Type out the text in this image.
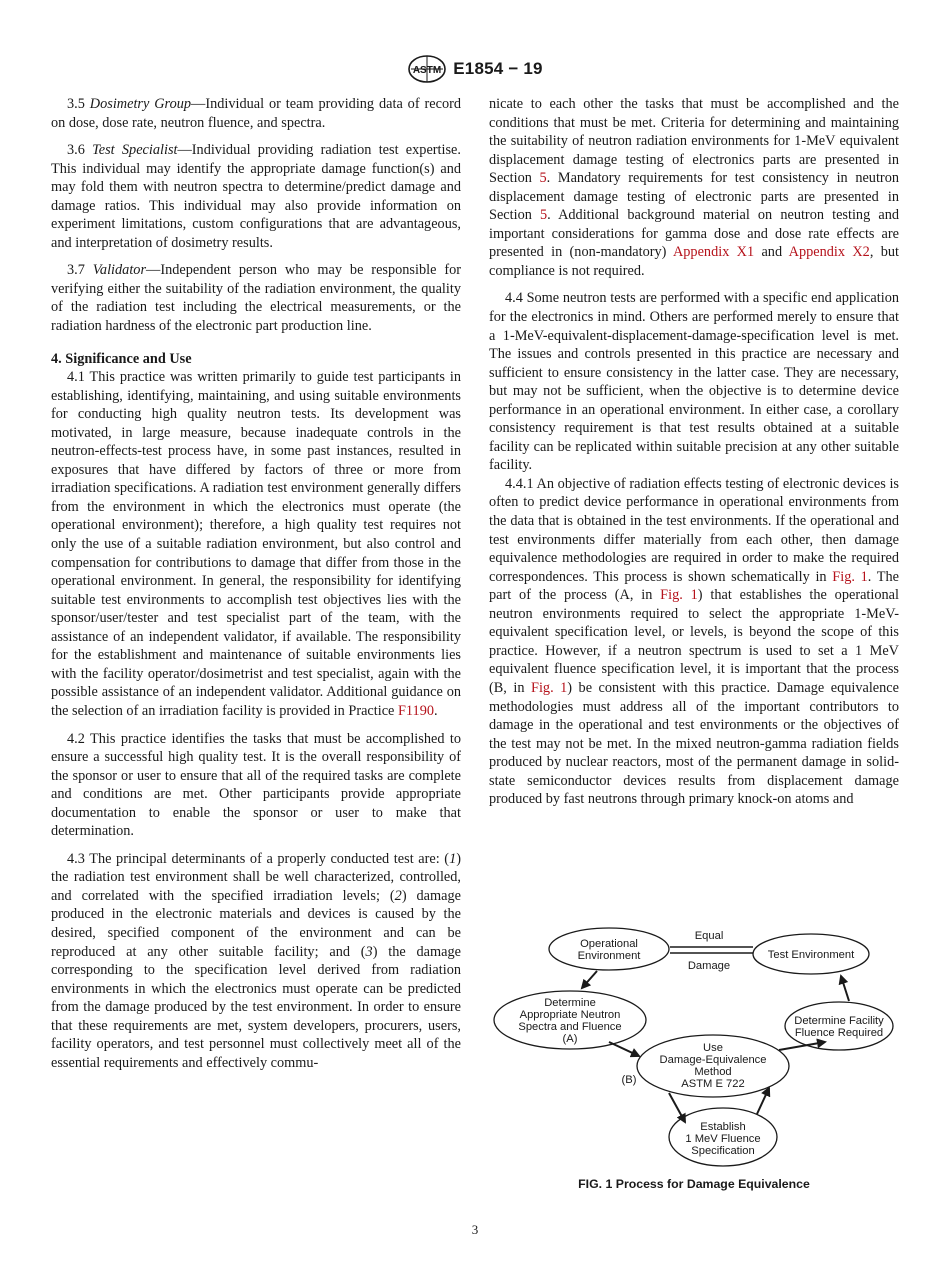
ASTM E1854 − 19

3.5 Dosimetry Group—Individual or team providing data of record on dose, dose rate, neutron fluence, and spectra.

3.6 Test Specialist—Individual providing radiation test expertise. This individual may identify the appropriate damage function(s) and may fold them with neutron spectra to determine/predict damage and damage ratios. This individual may also provide information on experiment limitations, custom configurations that are advantageous, and interpretation of dosimetry results.

3.7 Validator—Independent person who may be responsible for verifying either the suitability of the radiation environment, the quality of the radiation test including the electrical measurements, or the radiation hardness of the electronic part production line.

4. Significance and Use

4.1 This practice was written primarily to guide test participants in establishing, identifying, maintaining, and using suitable environments for conducting high quality neutron tests. Its development was motivated, in large measure, because inadequate controls in the neutron-effects-test process have, in some past instances, resulted in exposures that have differed by factors of three or more from irradiation specifications. A radiation test environment generally differs from the environment in which the electronics must operate (the operational environment); therefore, a high quality test requires not only the use of a suitable radiation environment, but also control and compensation for contributions to damage that differ from those in the operational environment. In general, the responsibility for identifying suitable test environments to accomplish test objectives lies with the sponsor/user/tester and test specialist part of the team, with the assistance of an independent validator, if available. The responsibility for the establishment and maintenance of suitable environments lies with the facility operator/dosimetrist and test specialist, again with the possible assistance of an independent validator. Additional guidance on the selection of an irradiation facility is provided in Practice F1190.

4.2 This practice identifies the tasks that must be accomplished to ensure a successful high quality test. It is the overall responsibility of the sponsor or user to ensure that all of the required tasks are complete and conditions are met. Other participants provide appropriate documentation to enable the sponsor or user to make that determination.

4.3 The principal determinants of a properly conducted test are: (1) the radiation test environment shall be well characterized, controlled, and correlated with the specified irradiation levels; (2) damage produced in the electronic materials and devices is caused by the desired, specified component of the environment and can be reproduced at any other suitable facility; and (3) the damage corresponding to the specification level derived from radiation environments in which the electronics must operate can be predicted from the damage produced by the test environment. In order to ensure that these requirements are met, system developers, procurers, users, facility operators, and test personnel must collectively meet all of the essential requirements and effectively commu-

nicate to each other the tasks that must be accomplished and the conditions that must be met. Criteria for determining and maintaining the suitability of neutron radiation environments for 1-MeV equivalent displacement damage testing of electronics parts are presented in Section 5. Mandatory requirements for test consistency in neutron displacement damage testing of electronic parts are presented in Section 5. Additional background material on neutron testing and important considerations for gamma dose and dose rate effects are presented in (non-mandatory) Appendix X1 and Appendix X2, but compliance is not required.

4.4 Some neutron tests are performed with a specific end application for the electronics in mind. Others are performed merely to ensure that a 1-MeV-equivalent-displacement-damage-specification level is met. The issues and controls presented in this practice are necessary and sufficient to ensure consistency in the latter case. They are necessary, but may not be sufficient, when the objective is to determine device performance in an operational environment. In either case, a corollary consistency requirement is that test results obtained at a suitable facility can be replicated within suitable precision at any other suitable facility.

4.4.1 An objective of radiation effects testing of electronic devices is often to predict device performance in operational environments from the data that is obtained in the test environments. If the operational and test environments differ materially from each other, then damage equivalence methodologies are required in order to make the required correspondences. This process is shown schematically in Fig. 1. The part of the process (A, in Fig. 1) that establishes the operational neutron environments required to select the appropriate 1-MeV-equivalent specification level, or levels, is beyond the scope of this practice. However, if a neutron spectrum is used to set a 1 MeV equivalent fluence specification level, it is important that the process (B, in Fig. 1) be consistent with this practice. Damage equivalence methodologies must address all of the important contributors to damage in the operational and test environments or the objectives of the test may not be met. In the mixed neutron-gamma radiation fields produced by nuclear reactors, most of the permanent damage in solid-state semiconductor devices results from displacement damage produced by fast neutrons through primary knock-on atoms and

Equal
Damage
(B)
Operational
Environment	Test Environment
Determine
Appropriate Neutron
Spectra and Fluence
(A)
Determine Facility
Fluence Required
Use
Damage-Equivalence
Method
ASTM E 722
Establish
1 MeV Fluence
Specification
FIG. 1 Process for Damage Equivalence
3
